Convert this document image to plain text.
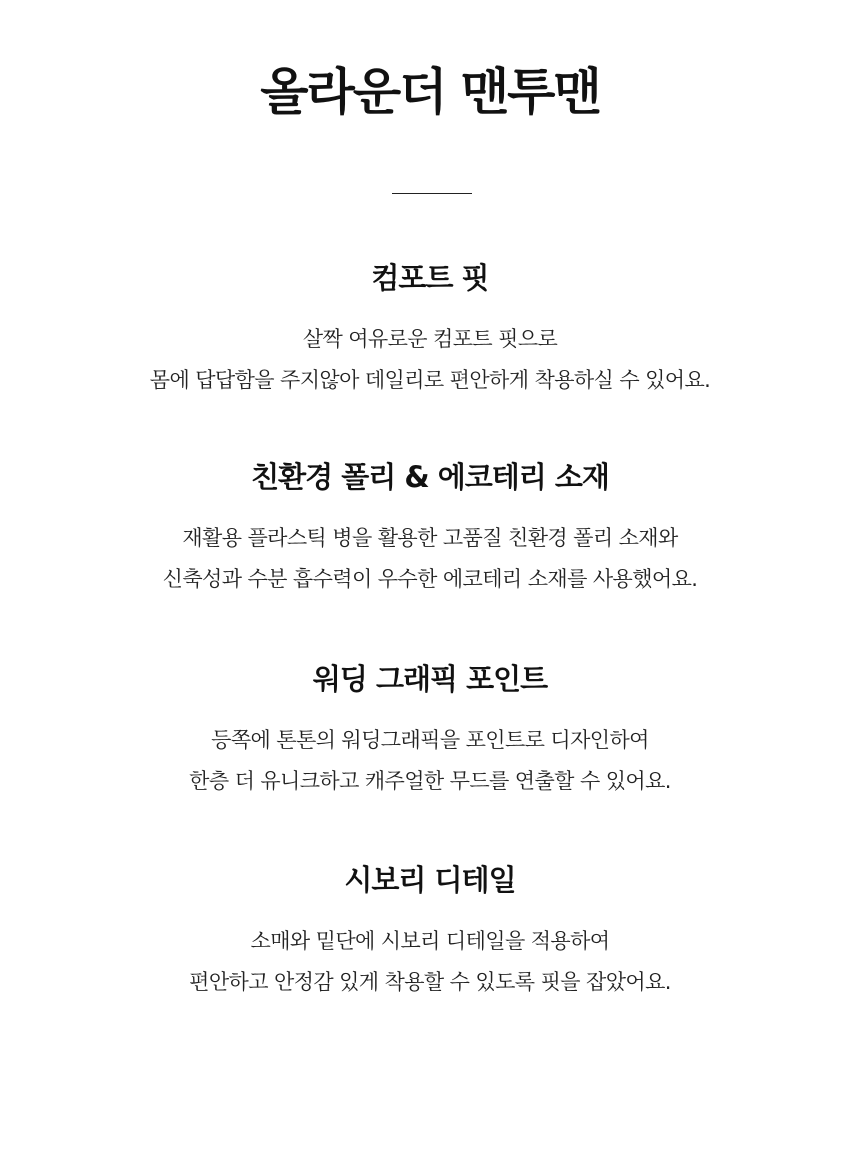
올라운더 맨투맨
컴포트 핏
살짝 여유로운 컴포트 핏으로
몸에 답답함을 주지않아 데일리로 편안하게 착용하실 수 있어요.
친환경 폴리 & 에코테리 소재
재활용 플라스틱 병을 활용한 고품질 친환경 폴리 소재와
신축성과 수분 흡수력이 우수한 에코테리 소재를 사용했어요.
워딩 그래픽 포인트
등쪽에 톤톤의 워딩그래픽을 포인트로 디자인하여
한층 더 유니크하고 캐주얼한 무드를 연출할 수 있어요.
시보리 디테일
소매와 밑단에 시보리 디테일을 적용하여
편안하고 안정감 있게 착용할 수 있도록 핏을 잡았어요.
